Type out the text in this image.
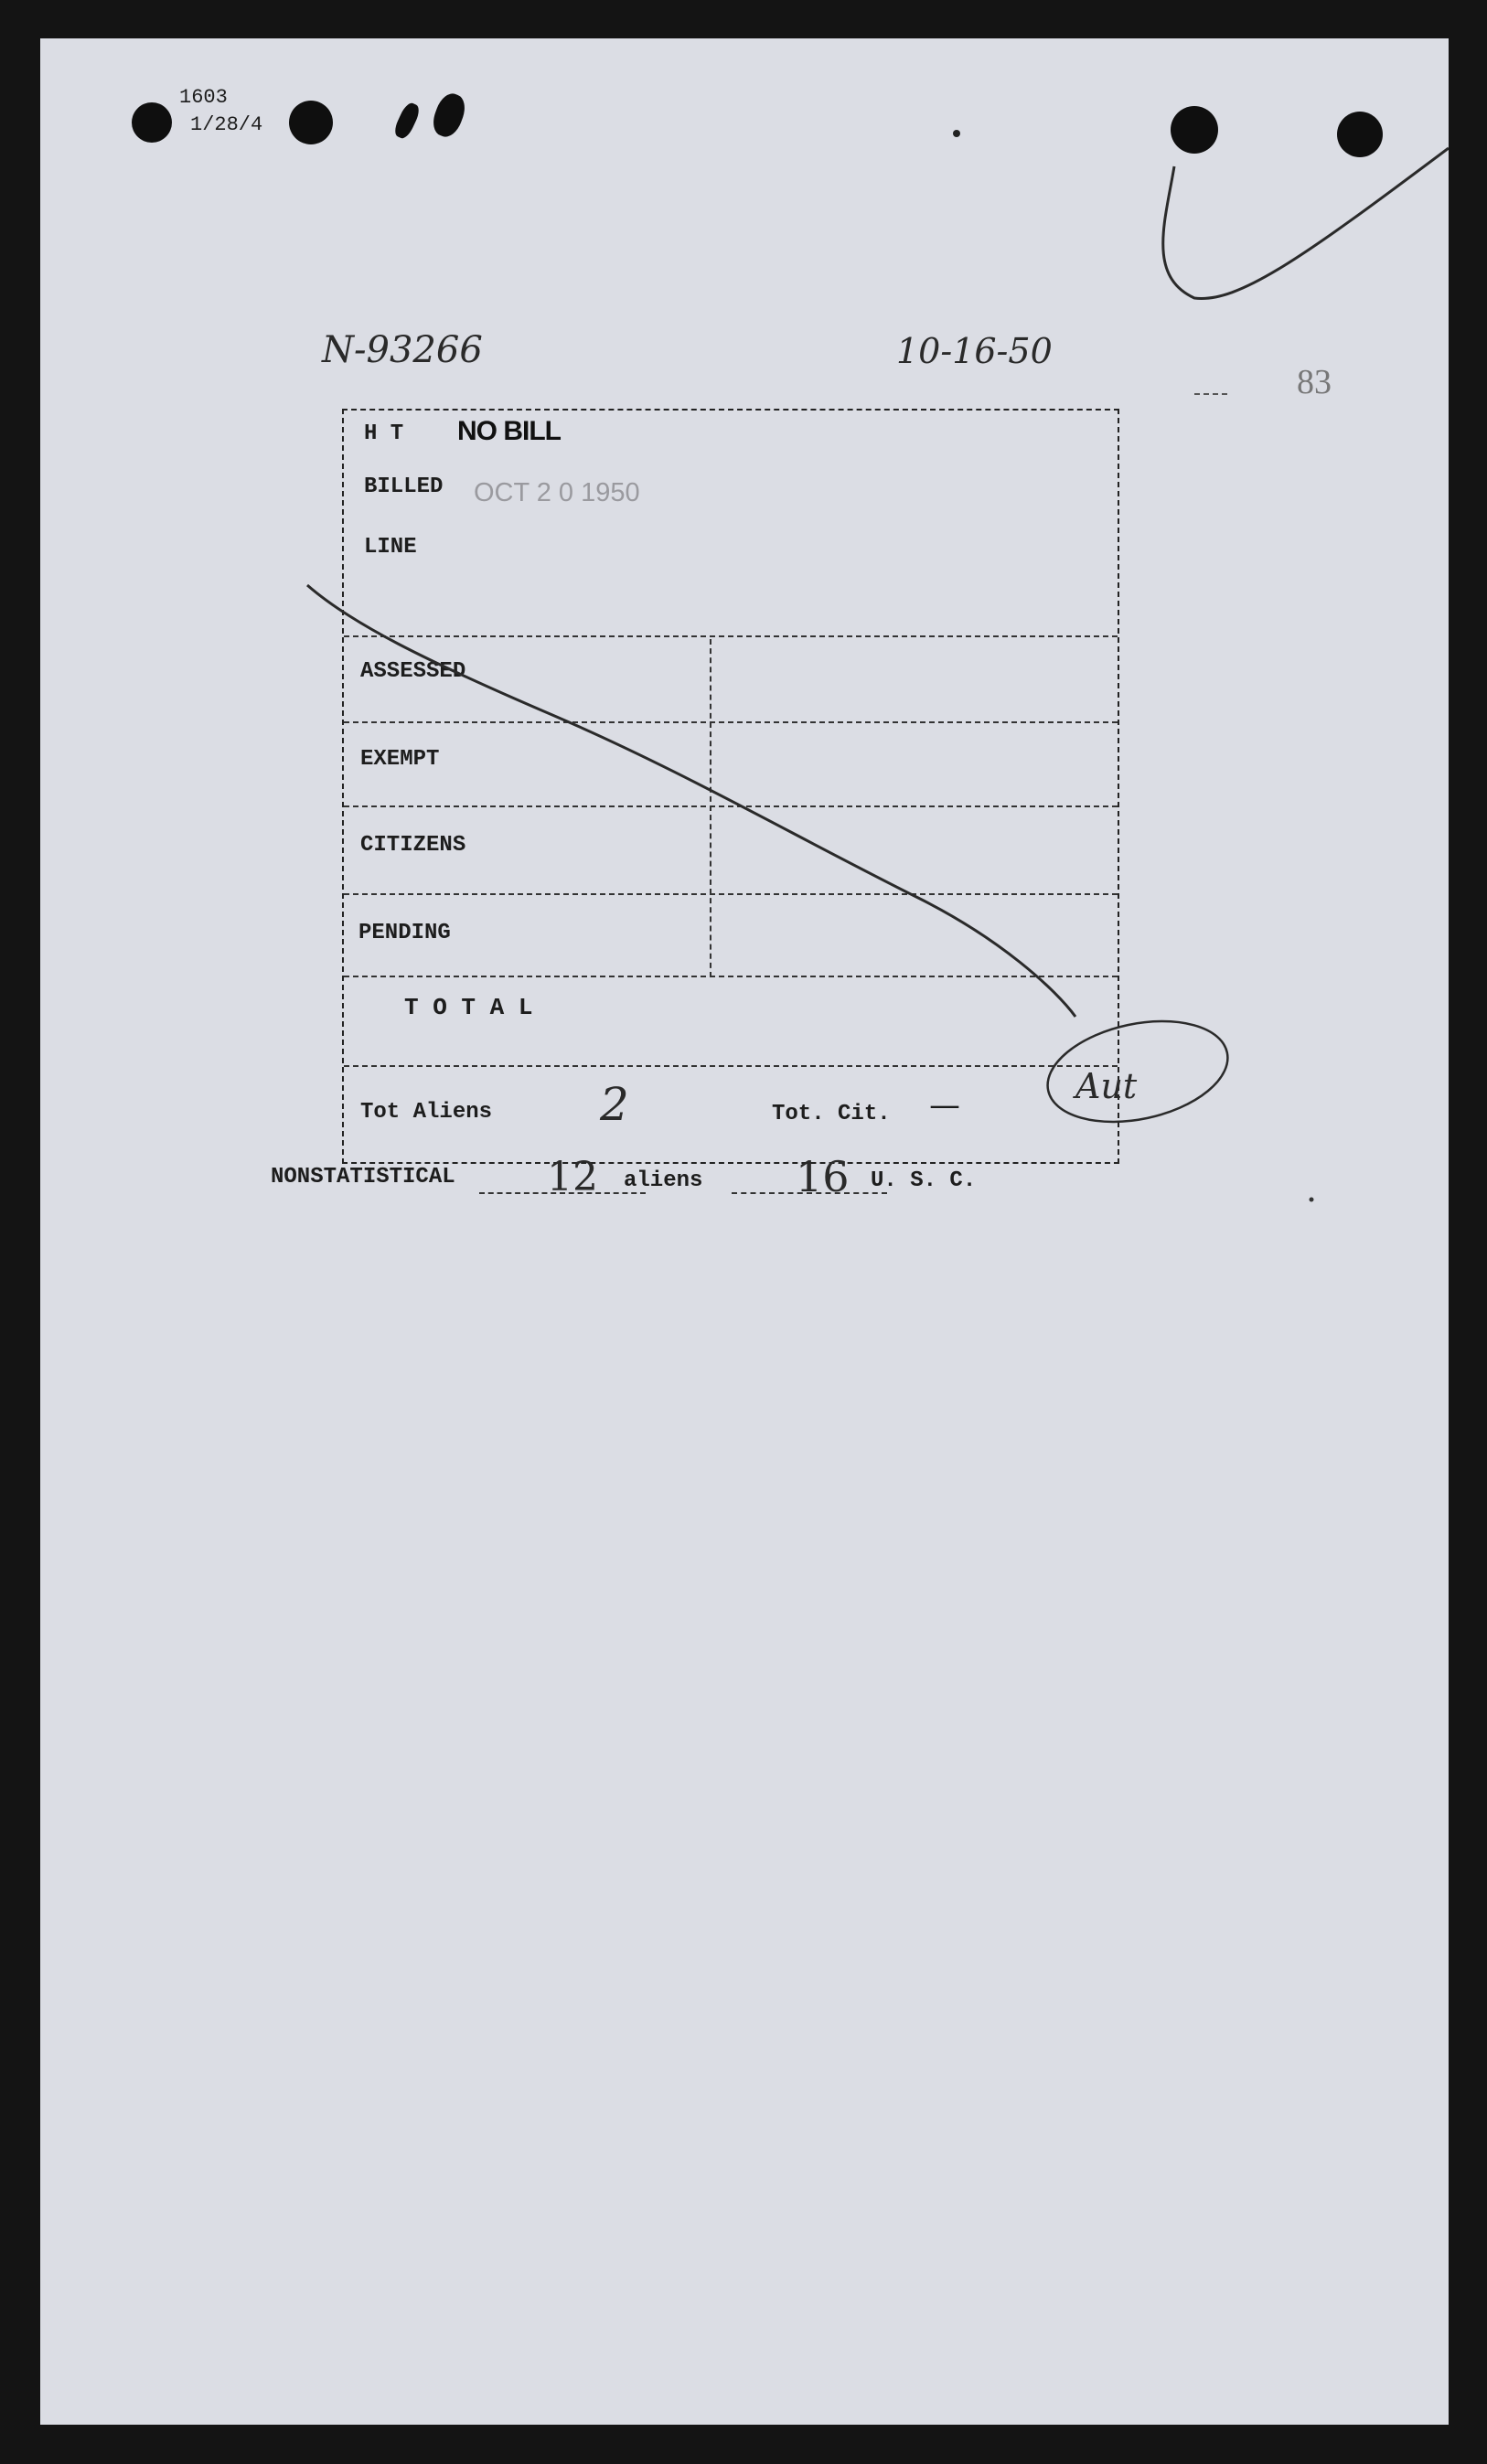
1603
1/28/4
N-93266	10-16-50
83
H T NO BILL
BILLED OCT 2 0 1950
LINE
ASSESSED
EXEMPT
CITIZENS
PENDING
T O T A L
Tot Aliens 2	Tot. Cit. —
NONSTATISTICAL 12 aliens 16 U. S. C.
Aut
